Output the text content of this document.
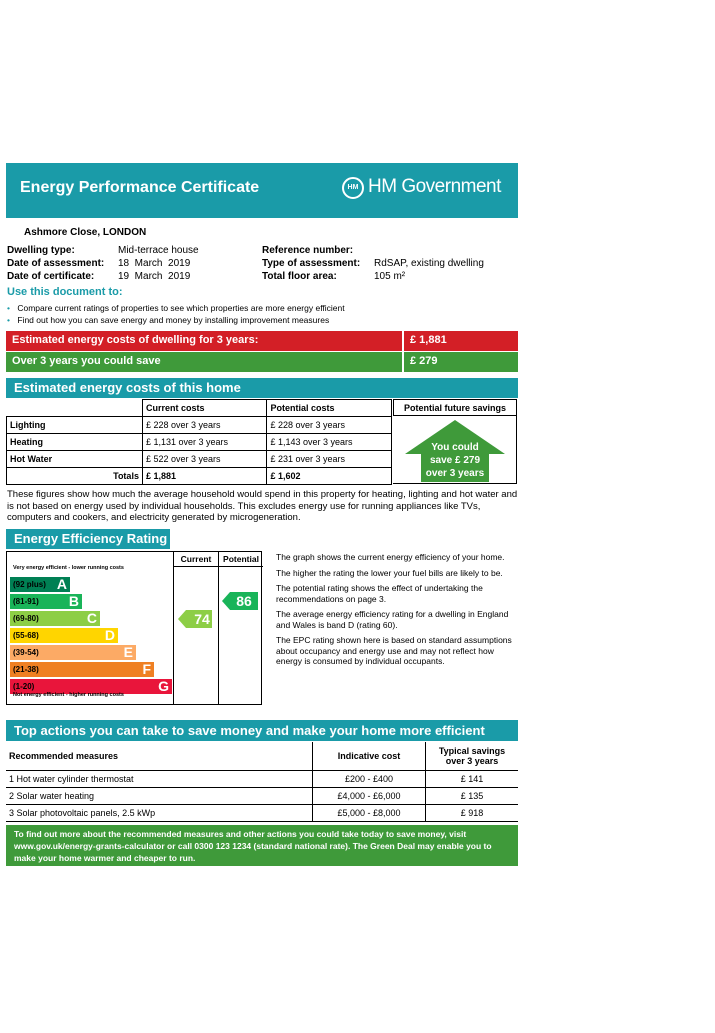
Energy Performance Certificate	HM HM Government
Ashmore Close, LONDON
Dwelling type:	Mid-terrace house
Date of assessment: 18  March  2019
Date of certificate: 19  March  2019
Reference number:
Type of assessment: RdSAP, existing dwelling
Total floor area:	105 m²
Use this document to:
• Compare current ratings of properties to see which properties are more energy efficient
• Find out how you can save energy and money by installing improvement measures
Estimated energy costs of dwelling for 3 years:	£ 1,881
Over 3 years you could save	£ 279
Estimated energy costs of this home
	Current costs	Potential costs
Lighting	£ 228 over 3 years	£ 228 over 3 years
Heating	£ 1,131 over 3 years	£ 1,143 over 3 years
Hot Water	£ 522 over 3 years	£ 231 over 3 years
Totals	£ 1,881	£ 1,602
Potential future savings
You could
save £ 279
over 3 years
These figures show how much the average household would spend in this property for heating, lighting and hot water and is not based on energy used by individual households. This excludes energy use for running appliances like TVs, computers and cookers, and electricity generated by microgeneration.
Energy Efficiency Rating
Current	Potential
Very energy efficient - lower running costs
(92 plus) A
(81-91) B
(69-80)	C
(55-68)	D
(39-54)	E
(21-38)	F
(1-20)	G
Not energy efficient - higher running costs
74
86
The graph shows the current energy efficiency of your home.
The higher the rating the lower your fuel bills are likely to be.
The potential rating shows the effect of undertaking the recommendations on page 3.
The average energy efficiency rating for a dwelling in England and Wales is band D (rating 60).
The EPC rating shown here is based on standard assumptions about occupancy and energy use and may not reflect how energy is consumed by individual occupants.
Top actions you can take to save money and make your home more efficient
Recommended measures	Indicative cost	Typical savings
over 3 years

1 Hot water cylinder thermostat	£200 - £400	£ 141
2 Solar water heating	£4,000 - £6,000	£ 135
3 Solar photovoltaic panels, 2.5 kWp	£5,000 - £8,000	£ 918
To find out more about the recommended measures and other actions you could take today to save money, visit
www.gov.uk/energy-grants-calculator or call 0300 123 1234 (standard national rate). The Green Deal may enable you to
make your home warmer and cheaper to run.
